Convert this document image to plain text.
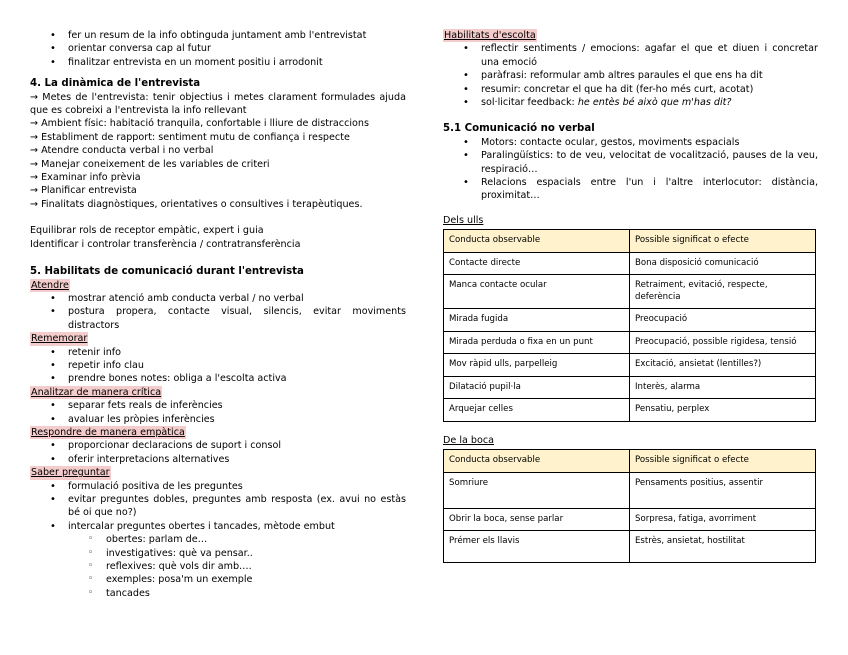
• fer un resum de la info obtinguda juntament amb l'entrevistat
• orientar conversa cap al futur
• finalitzar entrevista en un moment positiu i arrodonit

4. La dinàmica de l'entrevista

→ Metes de l'entrevista: tenir objectius i metes clarament formulades ajuda que es cobreixi a l'entrevista la info rellevant

→ Ambient físic: habitació tranquila, confortable i lliure de distraccions

→ Establiment de rapport: sentiment mutu de confiança i respecte

→ Atendre conducta verbal i no verbal

→ Manejar coneixement de les variables de criteri

→ Examinar info prèvia

→ Planificar entrevista

→ Finalitats diagnòstiques, orientatives o consultives i terapèutiques.

Equilibrar rols de receptor empàtic, expert i guia

Identificar i controlar transferència / contratransferència

5. Habilitats de comunicació durant l'entrevista

Atendre
• mostrar atenció amb conducta verbal / no verbal
• postura propera, contacte visual, silencis, evitar moviments distractors
Rememorar
• retenir info
• repetir info clau
• prendre bones notes: obliga a l'escolta activa
Analitzar de manera crítica
• separar fets reals de inferències
• avaluar les pròpies inferències
Respondre de manera empàtica
• proporcionar declaracions de suport i consol
• oferir interpretacions alternatives
Saber preguntar
• formulació positiva de les preguntes
• evitar preguntes dobles, preguntes amb resposta (ex. avui no estàs bé oi que no?)
• intercalar preguntes obertes i tancades, mètode embut
◦ obertes: parlam de…
◦ investigatives: què va pensar..
◦ reflexives: què vols dir amb….
◦ exemples: posa'm un exemple
◦ tancades
Habilitats d'escolta
• reflectir sentiments / emocions: agafar el que et diuen i concretar una emoció
• paràfrasi: reformular amb altres paraules el que ens ha dit
• resumir: concretar el que ha dit (fer-ho més curt, acotat)
• sol·licitar feedback: he entès bé això que m'has dit?

5.1 Comunicació no verbal

• Motors: contacte ocular, gestos, moviments espacials
• Paralingüístics: to de veu, velocitat de vocalització, pauses de la veu, respiració…
• Relacions espacials entre l'un i l'altre interlocutor: distància, proximitat…

Dels ulls

Conducta observable	Possible significat o efecte
Contacte directe	Bona disposició comunicació
Manca contacte ocular	Retraiment, evitació, respecte, deferència
Mirada fugida	Preocupació
Mirada perduda o fixa en un punt	Preocupació, possible rigidesa, tensió
Mov ràpid ulls, parpelleig	Excitació, ansietat (lentilles?)
Dilatació pupil·la	Interès, alarma
Arquejar celles	Pensatiu, perplex

De la boca

Conducta observable	Possible significat o efecte
Somriure	Pensaments positius, assentir
Obrir la boca, sense parlar	Sorpresa, fatiga, avorriment
Prémer els llavis	Estrès, ansietat, hostilitat
